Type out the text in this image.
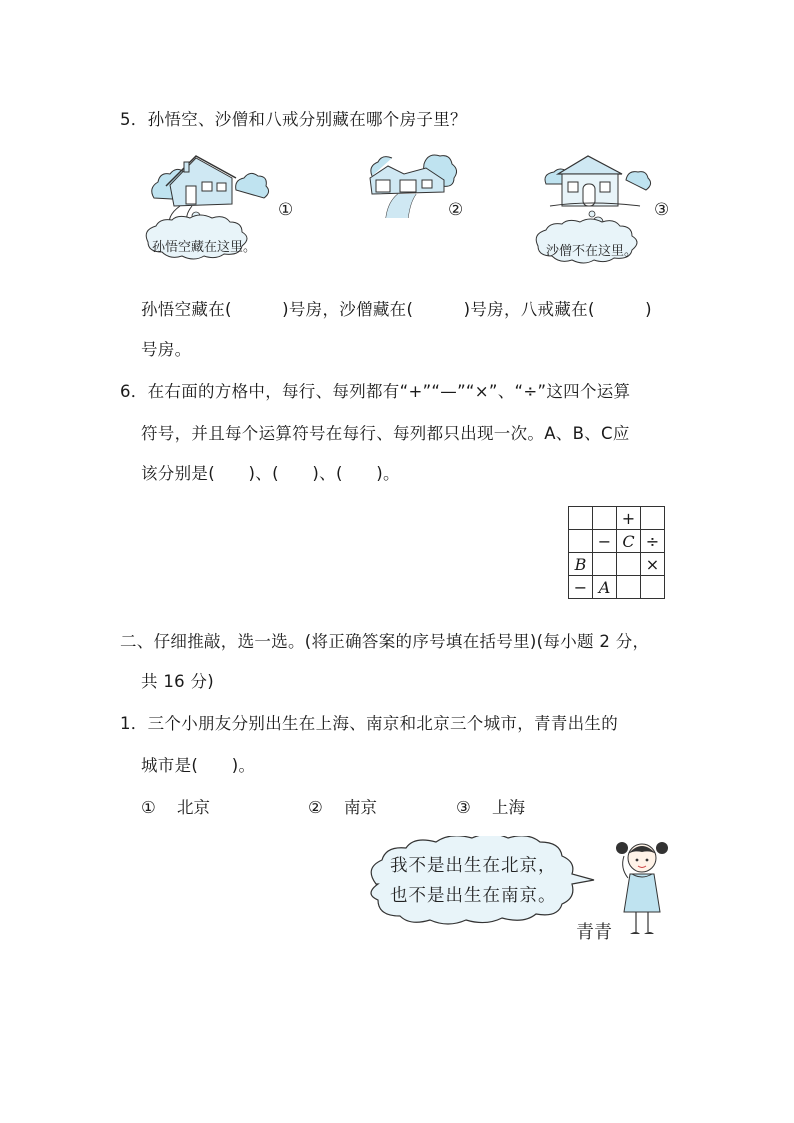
5．孙悟空、沙僧和八戒分别藏在哪个房子里？
孙悟空藏在这里。
①	②
沙僧不在这里。
③
孙悟空藏在(　　　)号房，沙僧藏在(　　　)号房，八戒藏在(　　　)
号房。
6．在右面的方格中，每行、每列都有“+”“—”“×”、“÷”这四个运算
符号，并且每个运算符号在每行、每列都只出现一次。A、B、C应
该分别是(　　)、(　　)、(　　)。
		+	
	−	C	÷
B			×
−	A		
二、仔细推敲，选一选。(将正确答案的序号填在括号里)(每小题 2 分，
共 16 分)
1．三个小朋友分别出生在上海、南京和北京三个城市，青青出生的
城市是(　　)。
① 北京	② 南京	③ 上海
我不是出生在北京，
也不是出生在南京。
青青
